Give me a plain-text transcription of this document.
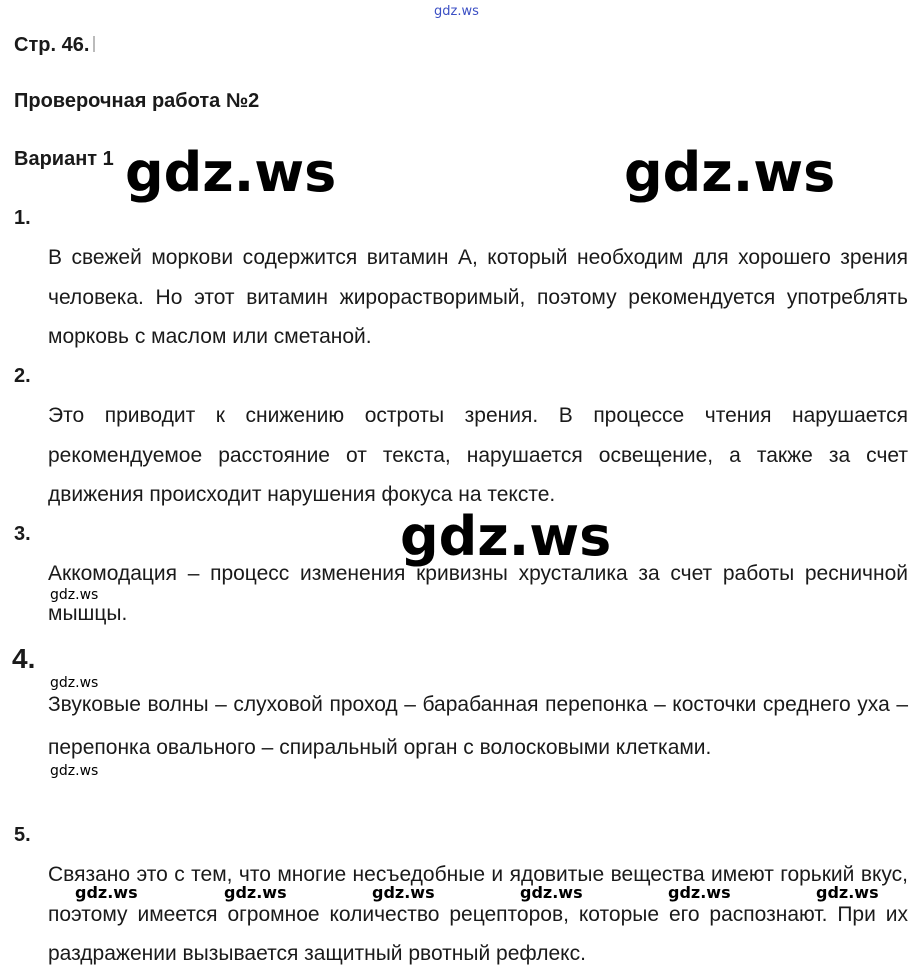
Стр. 46.
Проверочная работа №2
Вариант 1
1.

В свежей моркови содержится витамин А, который необходим для хорошего зрения человека. Но этот витамин жирорастворимый, поэтому рекомендуется употреблять морковь с маслом или сметаной.

2.

Это приводит к снижению остроты зрения. В процессе чтения нарушается рекомендуемое расстояние от текста, нарушается освещение, а также за счет движения происходит нарушения фокуса на тексте.

3.

Аккомодация – процесс изменения кривизны хрусталика за счет работы ресничной мышцы.

4.

Звуковые волны – слуховой проход – барабанная перепонка – косточки среднего уха – перепонка овального – спиральный орган с волосковыми клетками.

5.

Связано это с тем, что многие несъедобные и ядовитые вещества имеют горький вкус, поэтому имеется огромное количество рецепторов, которые его распознают. При их раздражении вызывается защитный рвотный рефлекс.

gdz.ws
gdz.ws	gdz.ws
gdz.ws
gdz.ws
gdz.ws
gdz.ws
gdz.ws	gdz.ws	gdz.ws	gdz.ws	gdz.ws	gdz.ws
